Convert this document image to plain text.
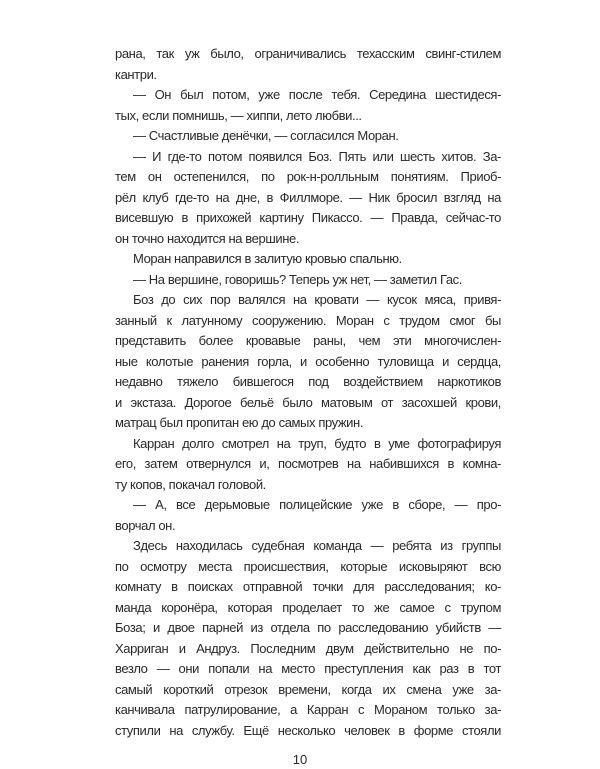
рана, так уж было, ограничивались техасским свинг-стилем
кантри.
— Он был потом, уже после тебя. Середина шестидеся-
тых, если помнишь, — хиппи, лето любви...
— Счастливые денёчки, — согласился Моран.
— И где-то потом появился Боз. Пять или шесть хитов. За-
тем он остепенился, по рок-н-ролльным понятиям. Приоб-
рёл клуб где-то на дне, в Филлморе. — Ник бросил взгляд на
висевшую в прихожей картину Пикассо. — Правда, сейчас-то
он точно находится на вершине.
Моран направился в залитую кровью спальню.
— На вершине, говоришь? Теперь уж нет, — заметил Гас.
Боз до сих пор валялся на кровати — кусок мяса, привя-
занный к латунному сооружению. Моран с трудом смог бы
представить более кровавые раны, чем эти многочислен-
ные колотые ранения горла, и особенно туловища и сердца,
недавно тяжело бившегося под воздействием наркотиков
и экстаза. Дорогое бельё было матовым от засохшей крови,
матрац был пропитан ею до самых пружин.
Карран долго смотрел на труп, будто в уме фотографируя
его, затем отвернулся и, посмотрев на набившихся в комна-
ту копов, покачал головой.
— А, все дерьмовые полицейские уже в сборе, — про-
ворчал он.
Здесь находилась судебная команда — ребята из группы
по осмотру места происшествия, которые исковыряют всю
комнату в поисках отправной точки для расследования; ко-
манда коронёра, которая проделает то же самое с трупом
Боза; и двое парней из отдела по расследованию убийств —
Харриган и Андруз. Последним двум действительно не по-
везло — они попали на место преступления как раз в тот
самый короткий отрезок времени, когда их смена уже за-
канчивала патрулирование, а Карран с Мораном только за-
ступили на службу. Ещё несколько человек в форме стояли
10
